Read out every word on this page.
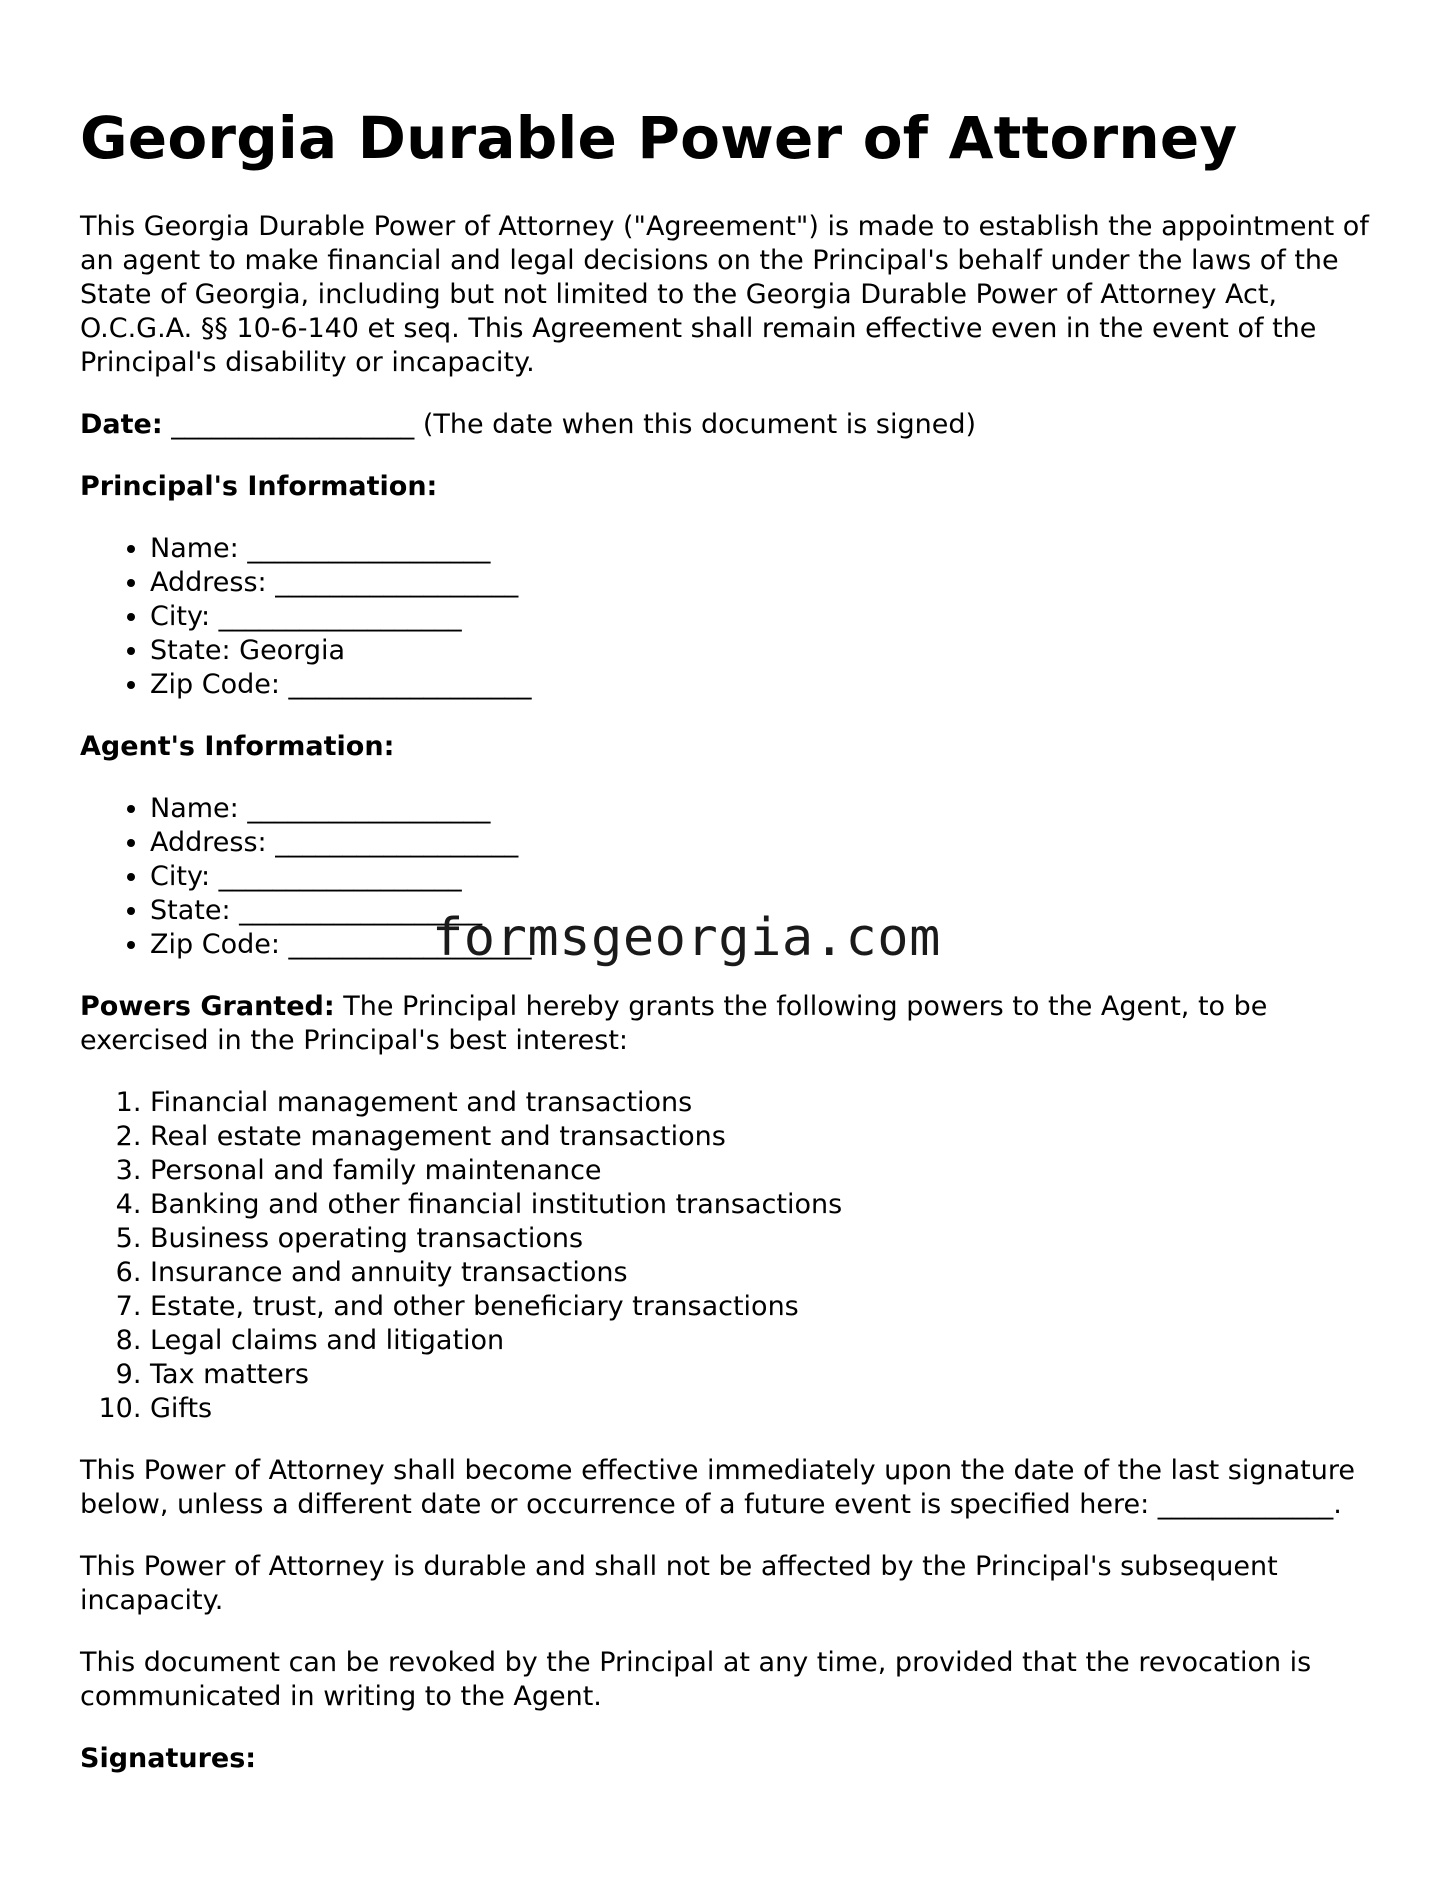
Georgia Durable Power of Attorney

This Georgia Durable Power of Attorney ("Agreement") is made to establish the appointment of an agent to make financial and legal decisions on the Principal's behalf under the laws of the State of Georgia, including but not limited to the Georgia Durable Power of Attorney Act, O.C.G.A. §§ 10-6-140 et seq. This Agreement shall remain effective even in the event of the Principal's disability or incapacity.

Date: __________________ (The date when this document is signed)

Principal's Information:

• Name: __________________
• Address: __________________
• City: __________________
• State: Georgia
• Zip Code: __________________

Agent's Information:

• Name: __________________
• Address: __________________
• City: __________________
• State: __________________
• Zip Code: __________________

Powers Granted: The Principal hereby grants the following powers to the Agent, to be exercised in the Principal's best interest:

1. Financial management and transactions
2. Real estate management and transactions
3. Personal and family maintenance
4. Banking and other financial institution transactions
5. Business operating transactions
6. Insurance and annuity transactions
7. Estate, trust, and other beneficiary transactions
8. Legal claims and litigation
9. Tax matters
10. Gifts

This Power of Attorney shall become effective immediately upon the date of the last signature below, unless a different date or occurrence of a future event is specified here: _____________.

This Power of Attorney is durable and shall not be affected by the Principal's subsequent incapacity.

This document can be revoked by the Principal at any time, provided that the revocation is communicated in writing to the Agent.

Signatures:

formsgeorgia.com
